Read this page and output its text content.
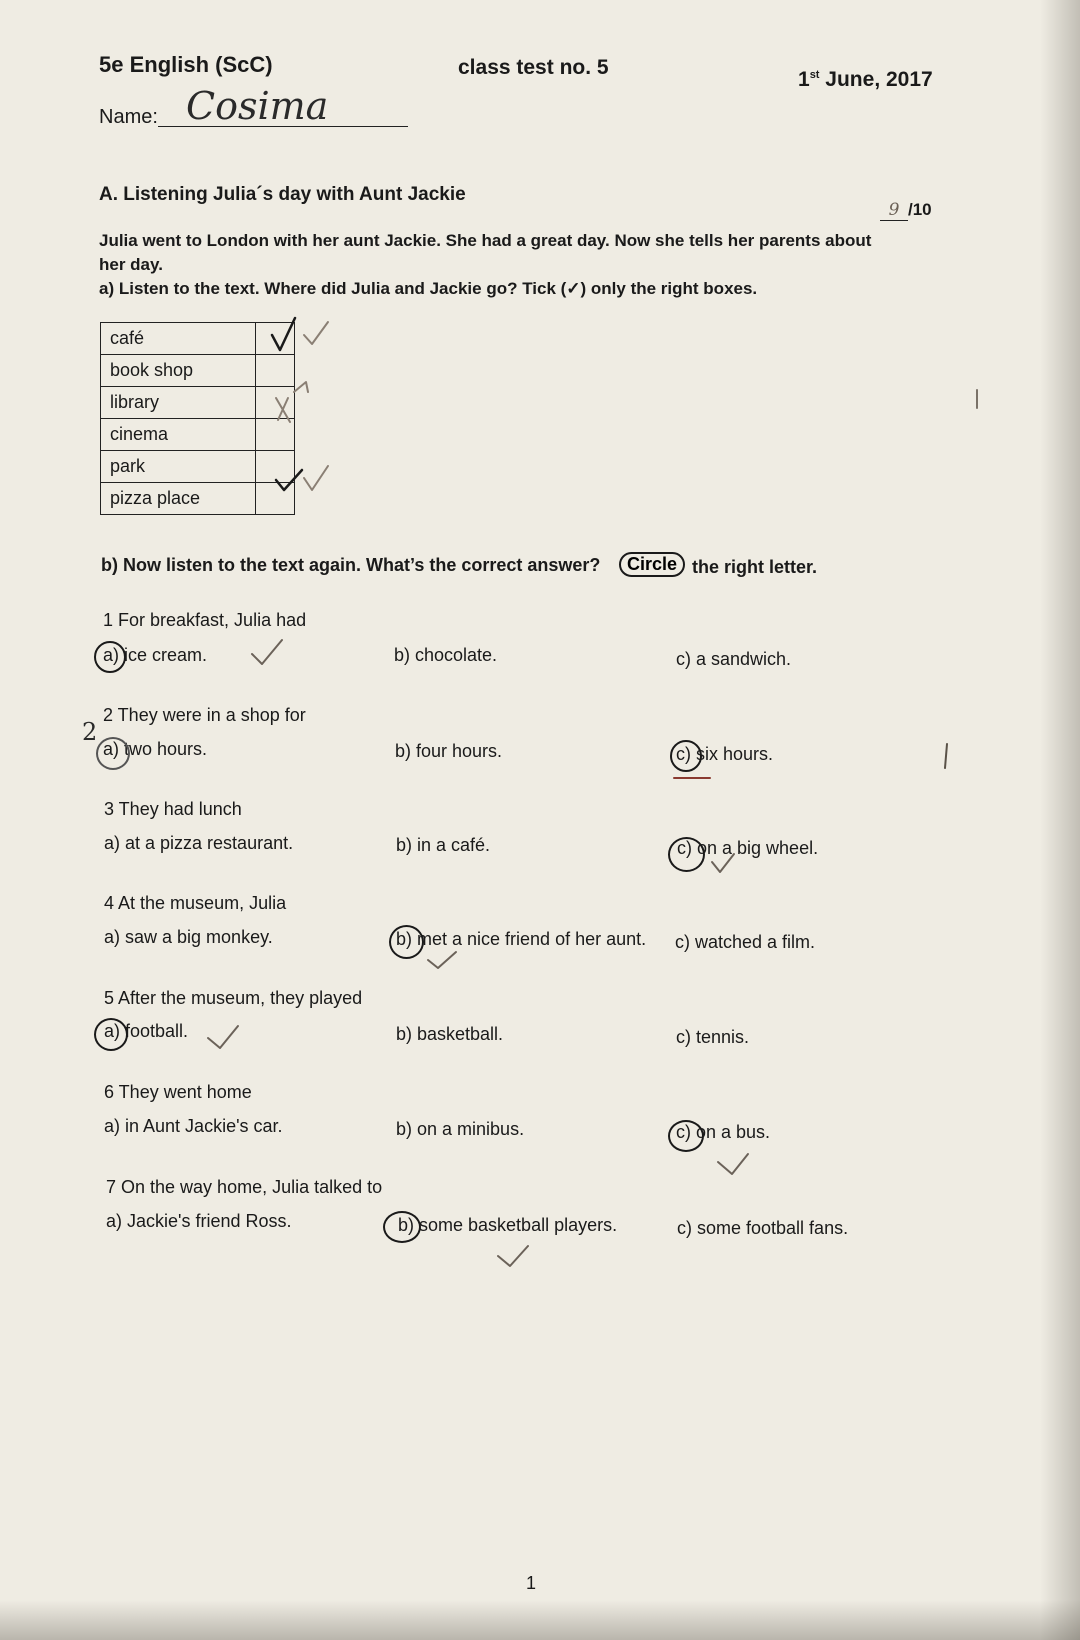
5e English (ScC)	class test no. 5
1st June, 2017
Name: Cosima
A. Listening Julia´s day with Aunt Jackie
9 /10
Julia went to London with her aunt Jackie. She had a great day. Now she tells her parents about
her day.
a) Listen to the text. Where did Julia and Jackie go? Tick (✓) only the right boxes.
café	
book shop	
library	
cinema	
park	
pizza place	
b) Now listen to the text again. What’s the correct answer?	Circle the right letter.
1 For breakfast, Julia had
a) ice cream.	b) chocolate.	c) a sandwich.
2 They were in a shop for
a) two hours.	b) four hours.	c) six hours.
3 They had lunch
a) at a pizza restaurant.	b) in a café.	c) on a big wheel.
4 At the museum, Julia
a) saw a big monkey.	b) met a nice friend of her aunt. c) watched a film.
5 After the museum, they played
a) football.	b) basketball.	c) tennis.
6 They went home
a) in Aunt Jackie's car.	b) on a minibus.	c) on a bus.
7 On the way home, Julia talked to
a) Jackie's friend Ross.	b) some basketball players.	c) some football fans.
2
1
